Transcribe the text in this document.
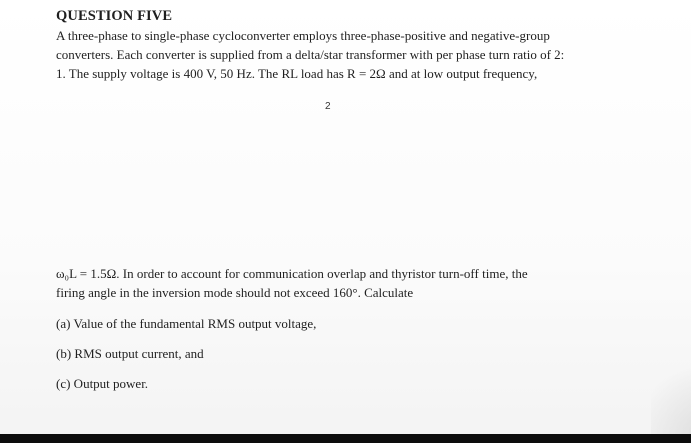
QUESTION FIVE
A three-phase to single-phase cycloconverter employs three-phase-positive and negative-group
converters. Each converter is supplied from a delta/star transformer with per phase turn ratio of 2:
1. The supply voltage is 400 V, 50 Hz. The RL load has R = 2Ω and at low output frequency,
2
ω₀L = 1.5Ω. In order to account for communication overlap and thyristor turn-off time, the
firing angle in the inversion mode should not exceed 160°. Calculate
(a) Value of the fundamental RMS output voltage,
(b) RMS output current, and
(c) Output power.
